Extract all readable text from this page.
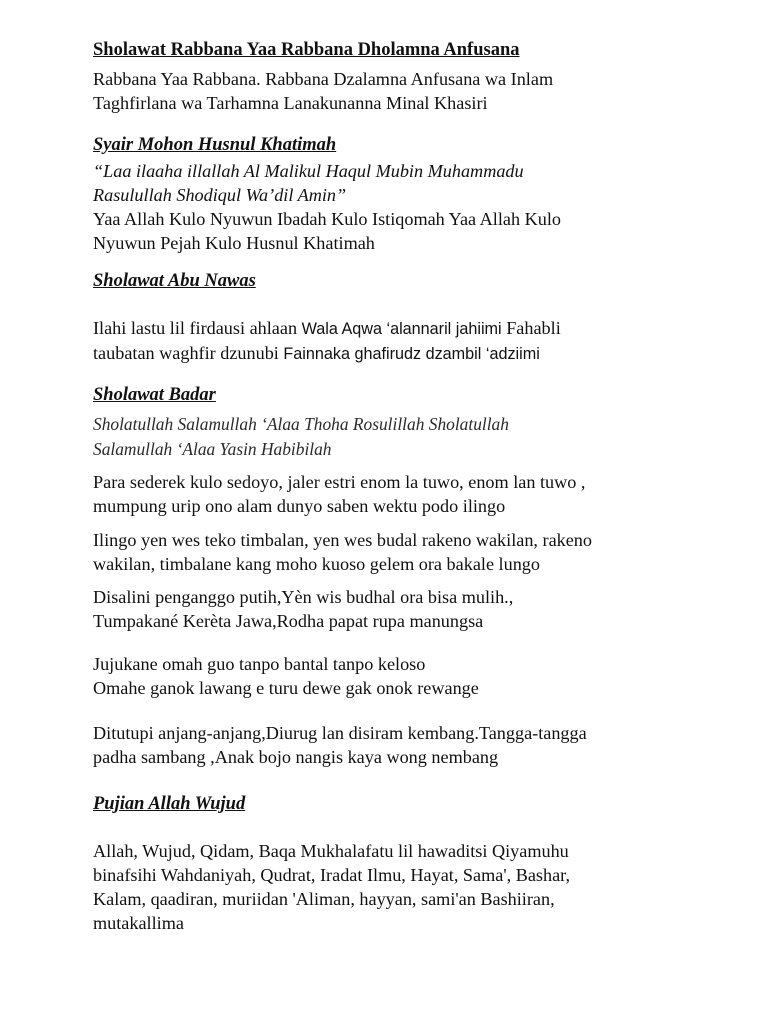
Sholawat Rabbana Yaa Rabbana Dholamna Anfusana
Rabbana Yaa Rabbana. Rabbana Dzalamna Anfusana wa Inlam
Taghfirlana wa Tarhamna Lanakunanna Minal Khasiri
Syair Mohon Husnul Khatimah
“Laa ilaaha illallah Al Malikul Haqul Mubin Muhammadu
Rasulullah Shodiqul Wa’dil Amin”
Yaa Allah Kulo Nyuwun Ibadah Kulo Istiqomah Yaa Allah Kulo
Nyuwun Pejah Kulo Husnul Khatimah
Sholawat Abu Nawas
Ilahi lastu lil firdausi ahlaan Wala Aqwa ‘alannaril jahiimi Fahabli
taubatan waghfir dzunubi Fainnaka ghafirudz dzambil ‘adziimi
Sholawat Badar
Sholatullah Salamullah ‘Alaa Thoha Rosulillah Sholatullah
Salamullah ‘Alaa Yasin Habibilah
Para sederek kulo sedoyo, jaler estri enom la tuwo, enom lan tuwo ,
mumpung urip ono alam dunyo saben wektu podo ilingo
Ilingo yen wes teko timbalan, yen wes budal rakeno wakilan, rakeno
wakilan, timbalane kang moho kuoso gelem ora bakale lungo
Disalini penganggo putih,Yèn wis budhal ora bisa mulih.,
Tumpakané Kerèta Jawa,Rodha papat rupa manungsa
Jujukane omah guo tanpo bantal tanpo keloso
Omahe ganok lawang e turu dewe gak onok rewange
Ditutupi anjang-anjang,Diurug lan disiram kembang.Tangga-tangga
padha sambang ,Anak bojo nangis kaya wong nembang
Pujian Allah Wujud
Allah, Wujud, Qidam, Baqa Mukhalafatu lil hawaditsi Qiyamuhu
binafsihi Wahdaniyah, Qudrat, Iradat Ilmu, Hayat, Sama', Bashar,
Kalam, qaadiran, muriidan 'Aliman, hayyan, sami'an Bashiiran,
mutakallima
